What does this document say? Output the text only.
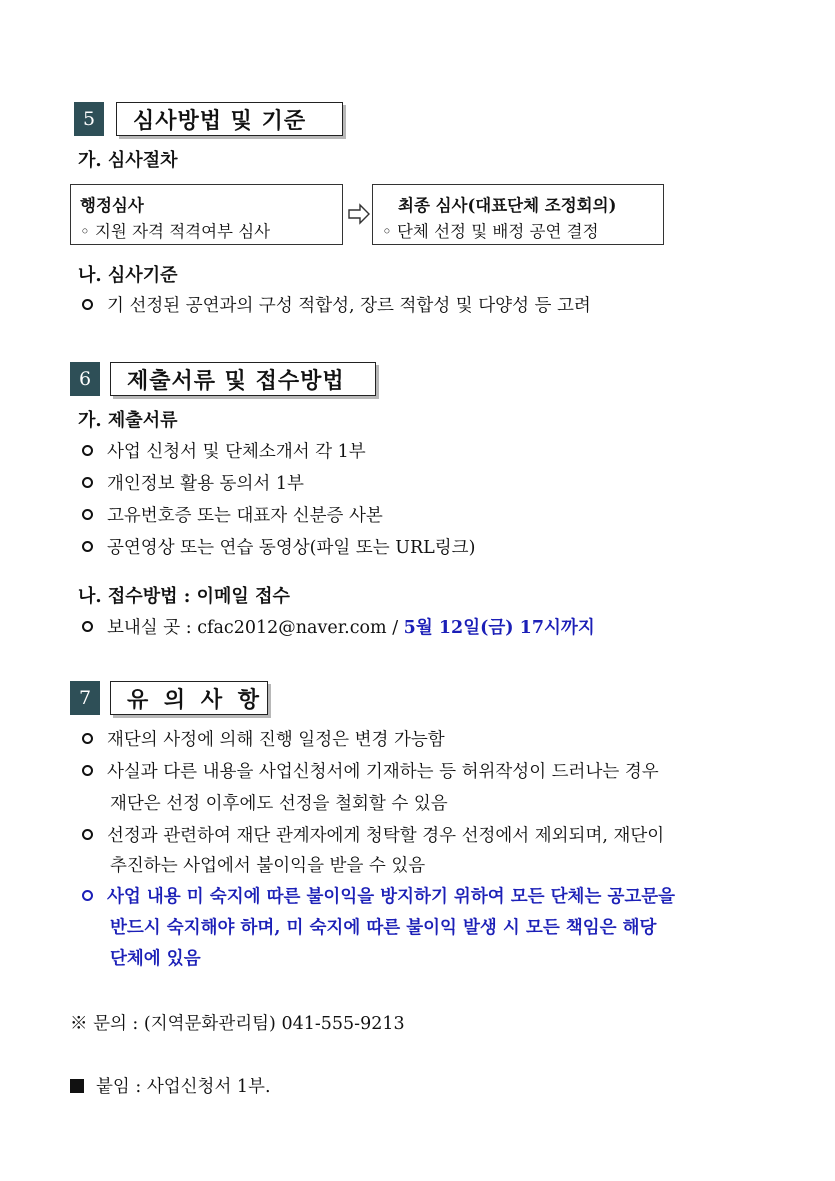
5	심사방법 및 기준
가. 심사절차
행정심사
◦ 지원 자격 적격여부 심사
최종 심사(대표단체 조정회의)
◦ 단체 선정 및 배정 공연 결정
나. 심사기준
기 선정된 공연과의 구성 적합성, 장르 적합성 및 다양성 등 고려
6	제출서류 및 접수방법
가. 제출서류
사업 신청서 및 단체소개서 각 1부
개인정보 활용 동의서 1부
고유번호증 또는 대표자 신분증 사본
공연영상 또는 연습 동영상(파일 또는 URL링크)
나. 접수방법 : 이메일 접수
보내실 곳 : cfac2012@naver.com / 5월 12일(금) 17시까지
7	유 의 사 항
재단의 사정에 의해 진행 일정은 변경 가능함
사실과 다른 내용을 사업신청서에 기재하는 등 허위작성이 드러나는 경우
재단은 선정 이후에도 선정을 철회할 수 있음
선정과 관련하여 재단 관계자에게 청탁할 경우 선정에서 제외되며, 재단이
추진하는 사업에서 불이익을 받을 수 있음
사업 내용 미 숙지에 따른 불이익을 방지하기 위하여 모든 단체는 공고문을
반드시 숙지해야 하며, 미 숙지에 따른 불이익 발생 시 모든 책임은 해당
단체에 있음
※ 문의 : (지역문화관리팀) 041-555-9213
붙임 : 사업신청서 1부.
